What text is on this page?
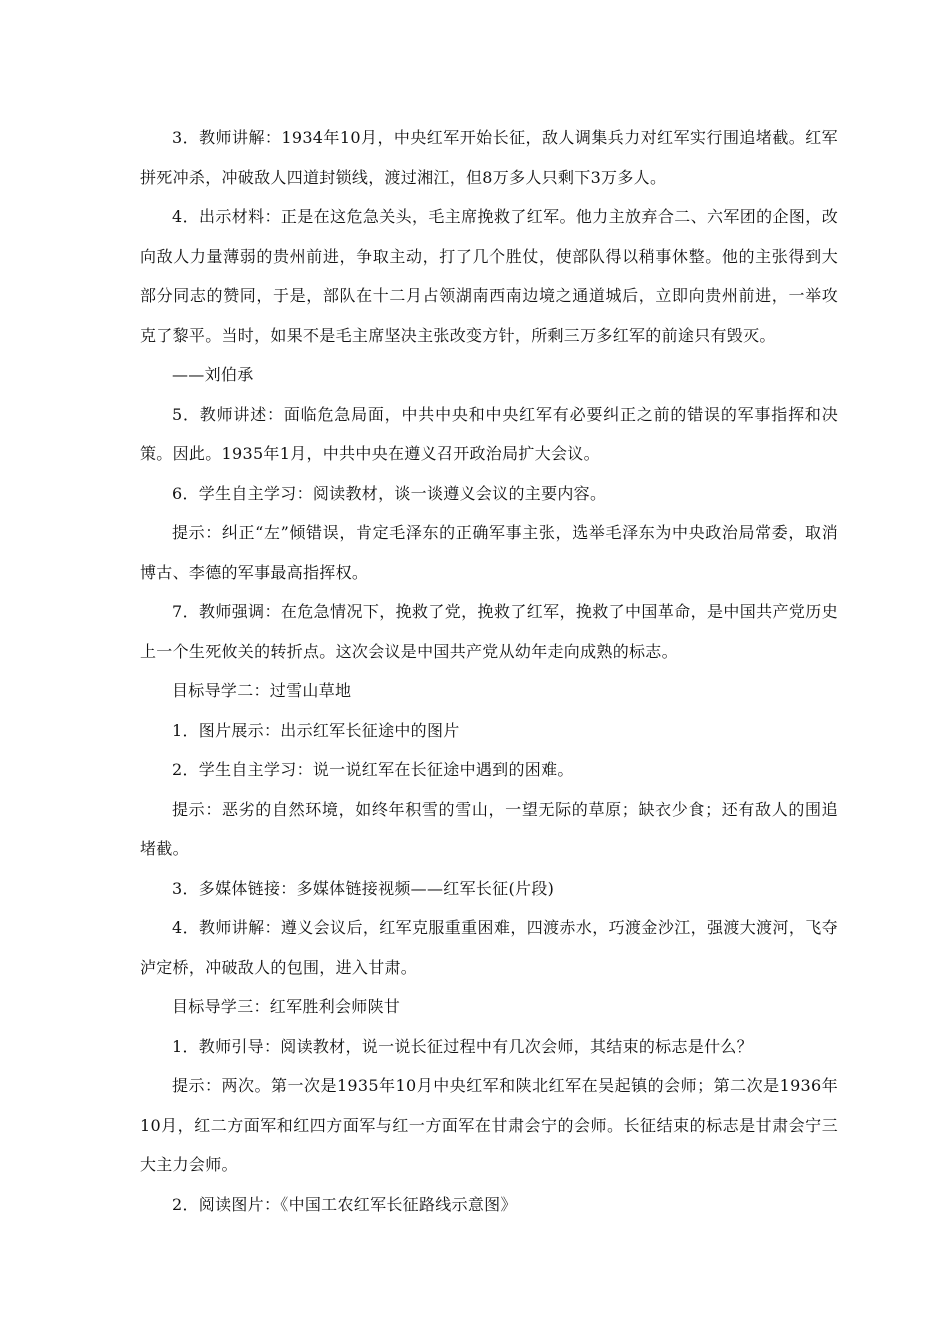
3．教师讲解：1934年10月，中央红军开始长征，敌人调集兵力对红军实行围追堵截。红军拼死冲杀，冲破敌人四道封锁线，渡过湘江，但8万多人只剩下3万多人。

4．出示材料：正是在这危急关头，毛主席挽救了红军。他力主放弃合二、六军团的企图，改向敌人力量薄弱的贵州前进，争取主动，打了几个胜仗，使部队得以稍事休整。他的主张得到大部分同志的赞同，于是，部队在十二月占领湖南西南边境之通道城后，立即向贵州前进，一举攻克了黎平。当时，如果不是毛主席坚决主张改变方针，所剩三万多红军的前途只有毁灭。

——刘伯承

5．教师讲述：面临危急局面，中共中央和中央红军有必要纠正之前的错误的军事指挥和决策。因此。1935年1月，中共中央在遵义召开政治局扩大会议。

6．学生自主学习：阅读教材，谈一谈遵义会议的主要内容。

提示：纠正“左”倾错误，肯定毛泽东的正确军事主张，选举毛泽东为中央政治局常委，取消博古、李德的军事最高指挥权。

7．教师强调：在危急情况下，挽救了党，挽救了红军，挽救了中国革命，是中国共产党历史上一个生死攸关的转折点。这次会议是中国共产党从幼年走向成熟的标志。

目标导学二：过雪山草地

1．图片展示：出示红军长征途中的图片

2．学生自主学习：说一说红军在长征途中遇到的困难。

提示：恶劣的自然环境，如终年积雪的雪山，一望无际的草原；缺衣少食；还有敌人的围追堵截。

3．多媒体链接：多媒体链接视频——红军长征(片段)

4．教师讲解：遵义会议后，红军克服重重困难，四渡赤水，巧渡金沙江，强渡大渡河，飞夺泸定桥，冲破敌人的包围，进入甘肃。

目标导学三：红军胜利会师陕甘

1．教师引导：阅读教材，说一说长征过程中有几次会师，其结束的标志是什么？

提示：两次。第一次是1935年10月中央红军和陕北红军在吴起镇的会师；第二次是1936年10月，红二方面军和红四方面军与红一方面军在甘肃会宁的会师。长征结束的标志是甘肃会宁三大主力会师。

2．阅读图片：《中国工农红军长征路线示意图》
